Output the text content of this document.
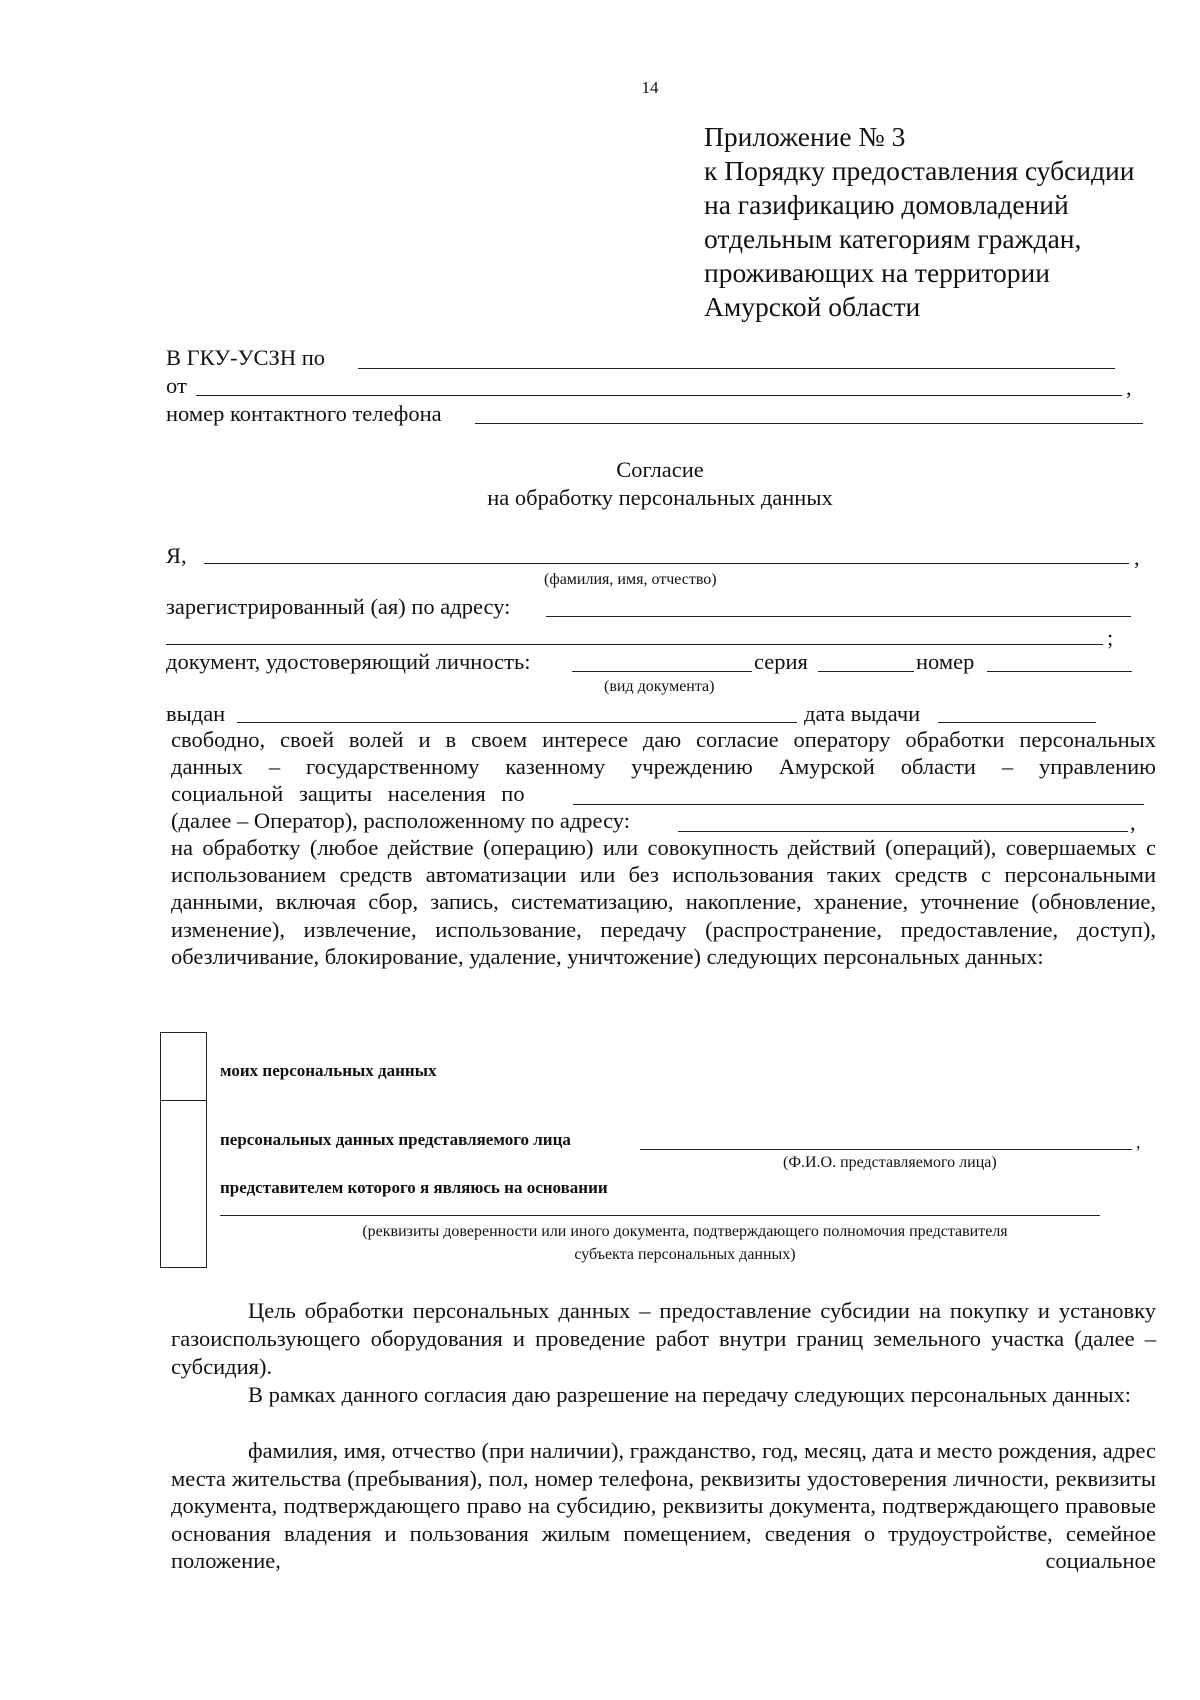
14
Приложение № 3
к Порядку предоставления субсидии
на газификацию домовладений
отдельным категориям граждан,
проживающих на территории
Амурской области
В ГКУ-УСЗН по
от	,
номер контактного телефона
Согласие
на обработку персональных данных
Я,	,
(фамилия, имя, отчество)
зарегистрированный (ая) по адресу:
;
документ, удостоверяющий личность:	серия	номер
(вид документа)
выдан	дата выдачи
свободно, своей волей и в своем интересе даю согласие оператору обработки персональных
данных – государственному казенному учреждению Амурской области – управлению
социальной защиты населения по
(далее – Оператор), расположенному по адресу:	,
на обработку (любое действие (операцию) или совокупность действий (операций), совершаемых с использованием средств автоматизации или без использования таких средств с персональными данными, включая сбор, запись, систематизацию, накопление, хранение, уточнение (обновление, изменение), извлечение, использование, передачу (распространение, предоставление, доступ), обезличивание, блокирование, удаление, уничтожение) следующих персональных данных:
моих персональных данных
персональных данных представляемого лица	,
(Ф.И.О. представляемого лица)
представителем которого я являюсь на основании
(реквизиты доверенности или иного документа, подтверждающего полномочия представителя
субъекта персональных данных)
Цель обработки персональных данных – предоставление субсидии на покупку и установку газоиспользующего оборудования и проведение работ внутри границ земельного участка (далее – субсидия).
В рамках данного согласия даю разрешение на передачу следующих персональных данных:
фамилия, имя, отчество (при наличии), гражданство, год, месяц, дата и место рождения, адрес места жительства (пребывания), пол, номер телефона, реквизиты удостоверения личности, реквизиты документа, подтверждающего право на субсидию, реквизиты документа, подтверждающего правовые основания владения и пользования жилым помещением, сведения о трудоустройстве, семейное положение, социальное
